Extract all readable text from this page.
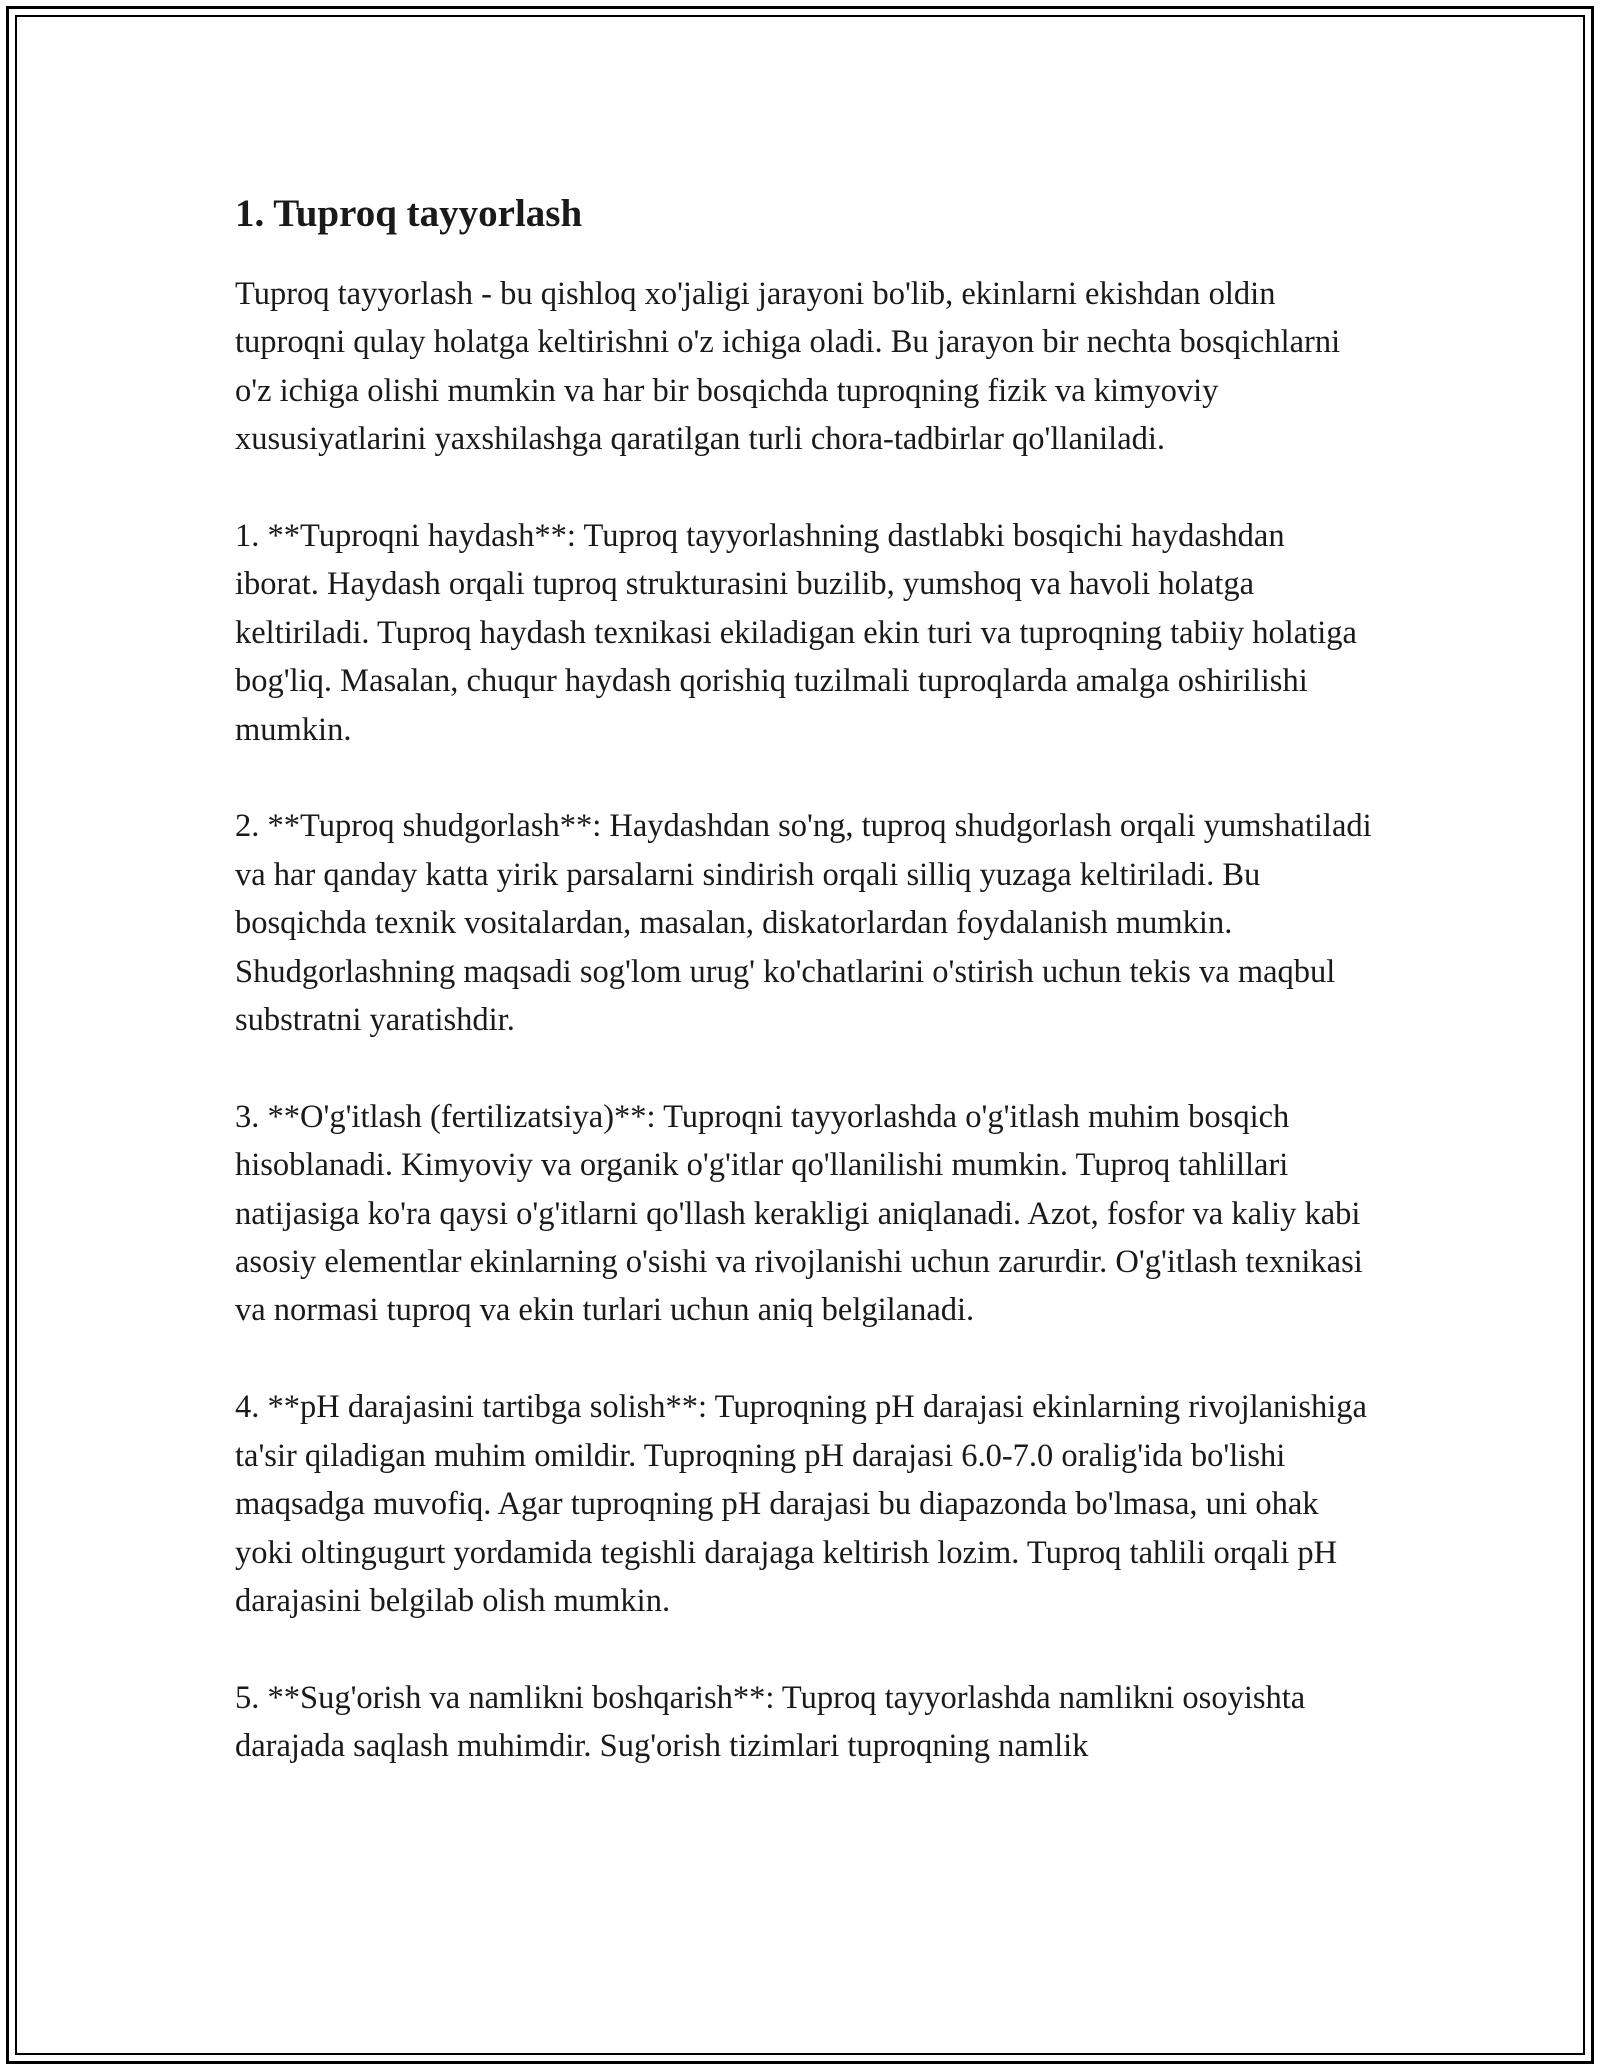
1. Tuproq tayyorlash

Tuproq tayyorlash - bu qishloq xo'jaligi jarayoni bo'lib, ekinlarni ekishdan oldin tuproqni qulay holatga keltirishni o'z ichiga oladi. Bu jarayon bir nechta bosqichlarni o'z ichiga olishi mumkin va har bir bosqichda tuproqning fizik va kimyoviy xususiyatlarini yaxshilashga qaratilgan turli chora-tadbirlar qo'llaniladi.

1. **Tuproqni haydash**: Tuproq tayyorlashning dastlabki bosqichi haydashdan iborat. Haydash orqali tuproq strukturasini buzilib, yumshoq va havoli holatga keltiriladi. Tuproq haydash texnikasi ekiladigan ekin turi va tuproqning tabiiy holatiga bog'liq. Masalan, chuqur haydash qorishiq tuzilmali tuproqlarda amalga oshirilishi mumkin.

2. **Tuproq shudgorlash**: Haydashdan so'ng, tuproq shudgorlash orqali yumshatiladi va har qanday katta yirik parsalarni sindirish orqali silliq yuzaga keltiriladi. Bu bosqichda texnik vositalardan, masalan, diskatorlardan foydalanish mumkin. Shudgorlashning maqsadi sog'lom urug' ko'chatlarini o'stirish uchun tekis va maqbul substratni yaratishdir.

3. **O'g'itlash (fertilizatsiya)**: Tuproqni tayyorlashda o'g'itlash muhim bosqich hisoblanadi. Kimyoviy va organik o'g'itlar qo'llanilishi mumkin. Tuproq tahlillari natijasiga ko'ra qaysi o'g'itlarni qo'llash kerakligi aniqlanadi. Azot, fosfor va kaliy kabi asosiy elementlar ekinlarning o'sishi va rivojlanishi uchun zarurdir. O'g'itlash texnikasi va normasi tuproq va ekin turlari uchun aniq belgilanadi.

4. **pH darajasini tartibga solish**: Tuproqning pH darajasi ekinlarning rivojlanishiga ta'sir qiladigan muhim omildir. Tuproqning pH darajasi 6.0-7.0 oralig'ida bo'lishi maqsadga muvofiq. Agar tuproqning pH darajasi bu diapazonda bo'lmasa, uni ohak yoki oltingugurt yordamida tegishli darajaga keltirish lozim. Tuproq tahlili orqali pH darajasini belgilab olish mumkin.

5. **Sug'orish va namlikni boshqarish**: Tuproq tayyorlashda namlikni osoyishta darajada saqlash muhimdir. Sug'orish tizimlari tuproqning namlik
